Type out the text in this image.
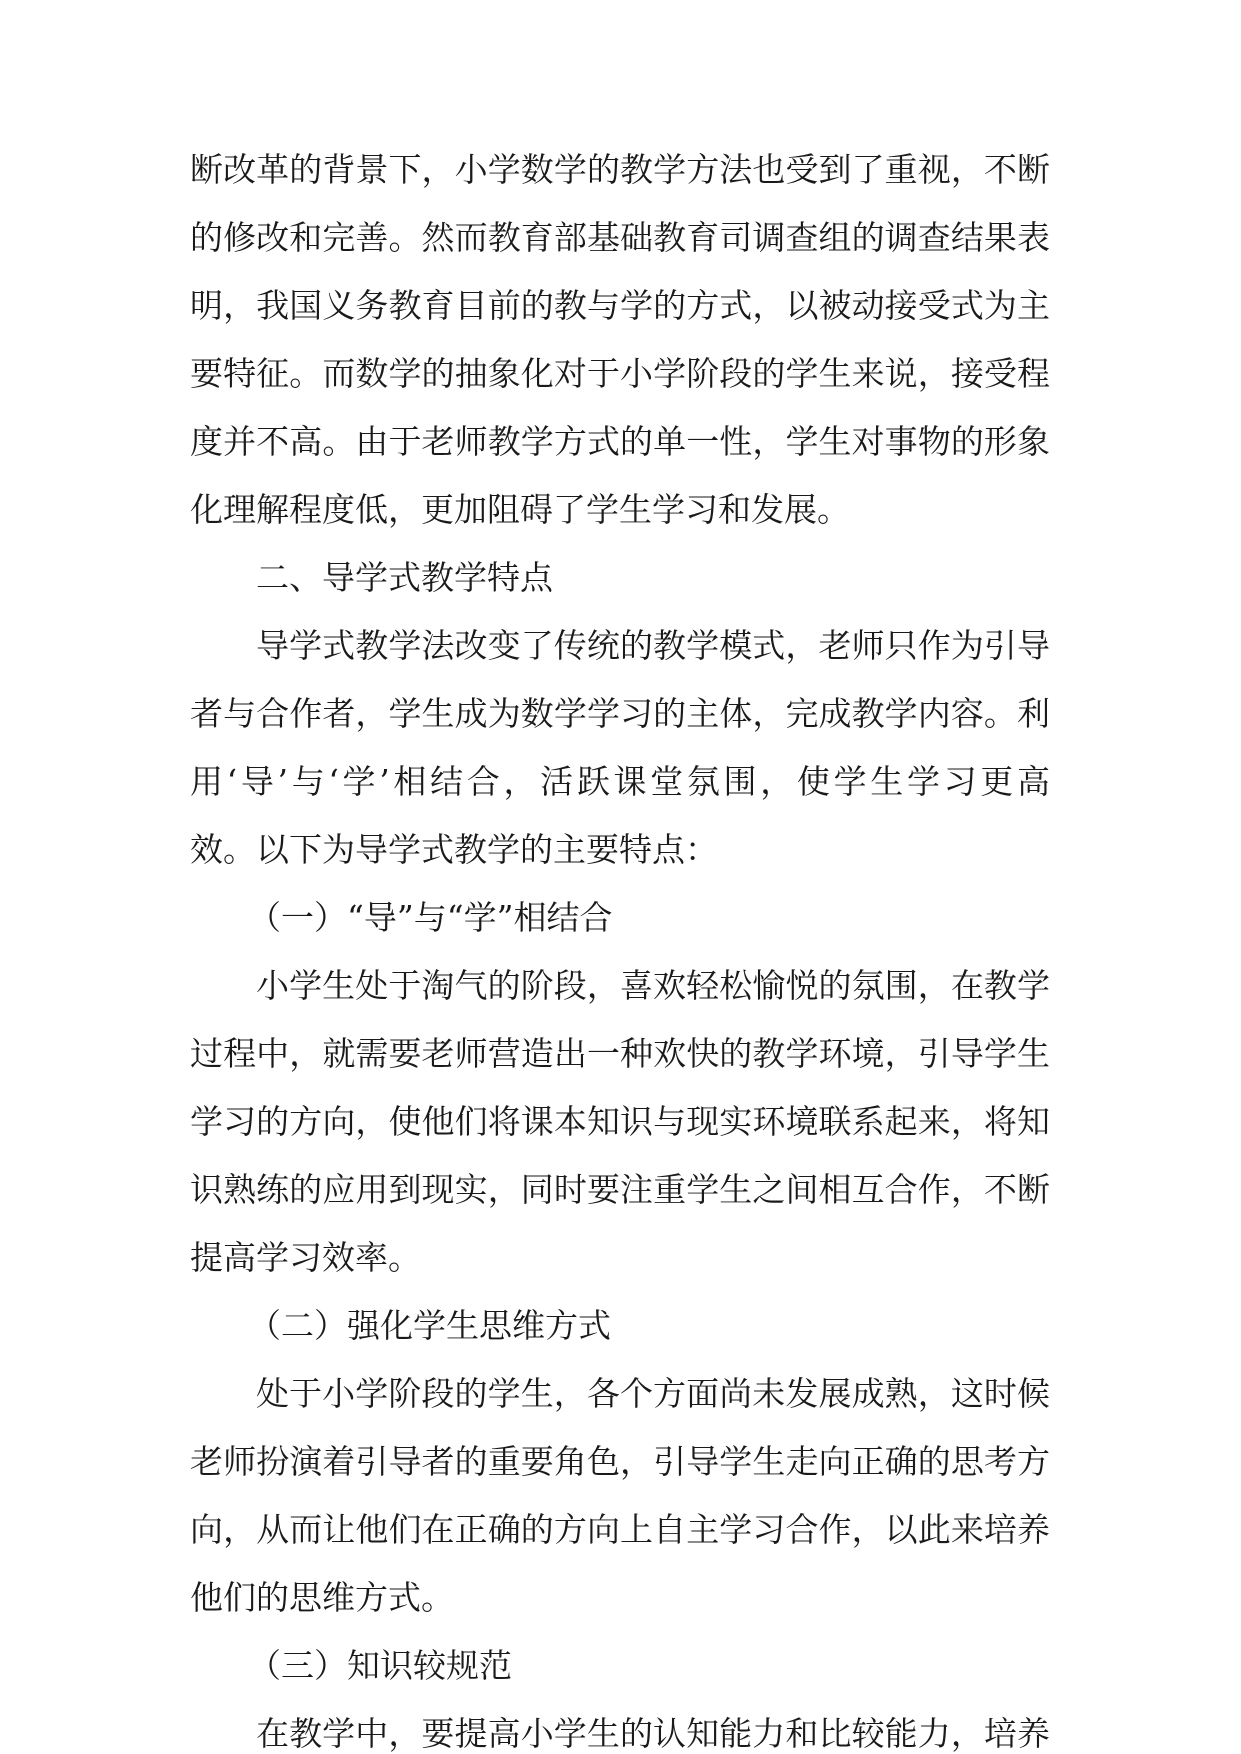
断改革的背景下，小学数学的教学方法也受到了重视，不断
的修改和完善。然而教育部基础教育司调查组的调查结果表
明，我国义务教育目前的教与学的方式，以被动接受式为主
要特征。而数学的抽象化对于小学阶段的学生来说，接受程
度并不高。由于老师教学方式的单一性，学生对事物的形象
化理解程度低，更加阻碍了学生学习和发展。
二、导学式教学特点
导学式教学法改变了传统的教学模式，老师只作为引导
者与合作者，学生成为数学学习的主体，完成教学内容。利
用‘导’与‘学’相结合，活跃课堂氛围，使学生学习更高
效。以下为导学式教学的主要特点：
（一）“导”与“学”相结合
小学生处于淘气的阶段，喜欢轻松愉悦的氛围，在教学
过程中，就需要老师营造出一种欢快的教学环境，引导学生
学习的方向，使他们将课本知识与现实环境联系起来，将知
识熟练的应用到现实，同时要注重学生之间相互合作，不断
提高学习效率。
（二）强化学生思维方式
处于小学阶段的学生，各个方面尚未发展成熟，这时候
老师扮演着引导者的重要角色，引导学生走向正确的思考方
向，从而让他们在正确的方向上自主学习合作，以此来培养
他们的思维方式。
（三）知识较规范
在教学中，要提高小学生的认知能力和比较能力，培养
